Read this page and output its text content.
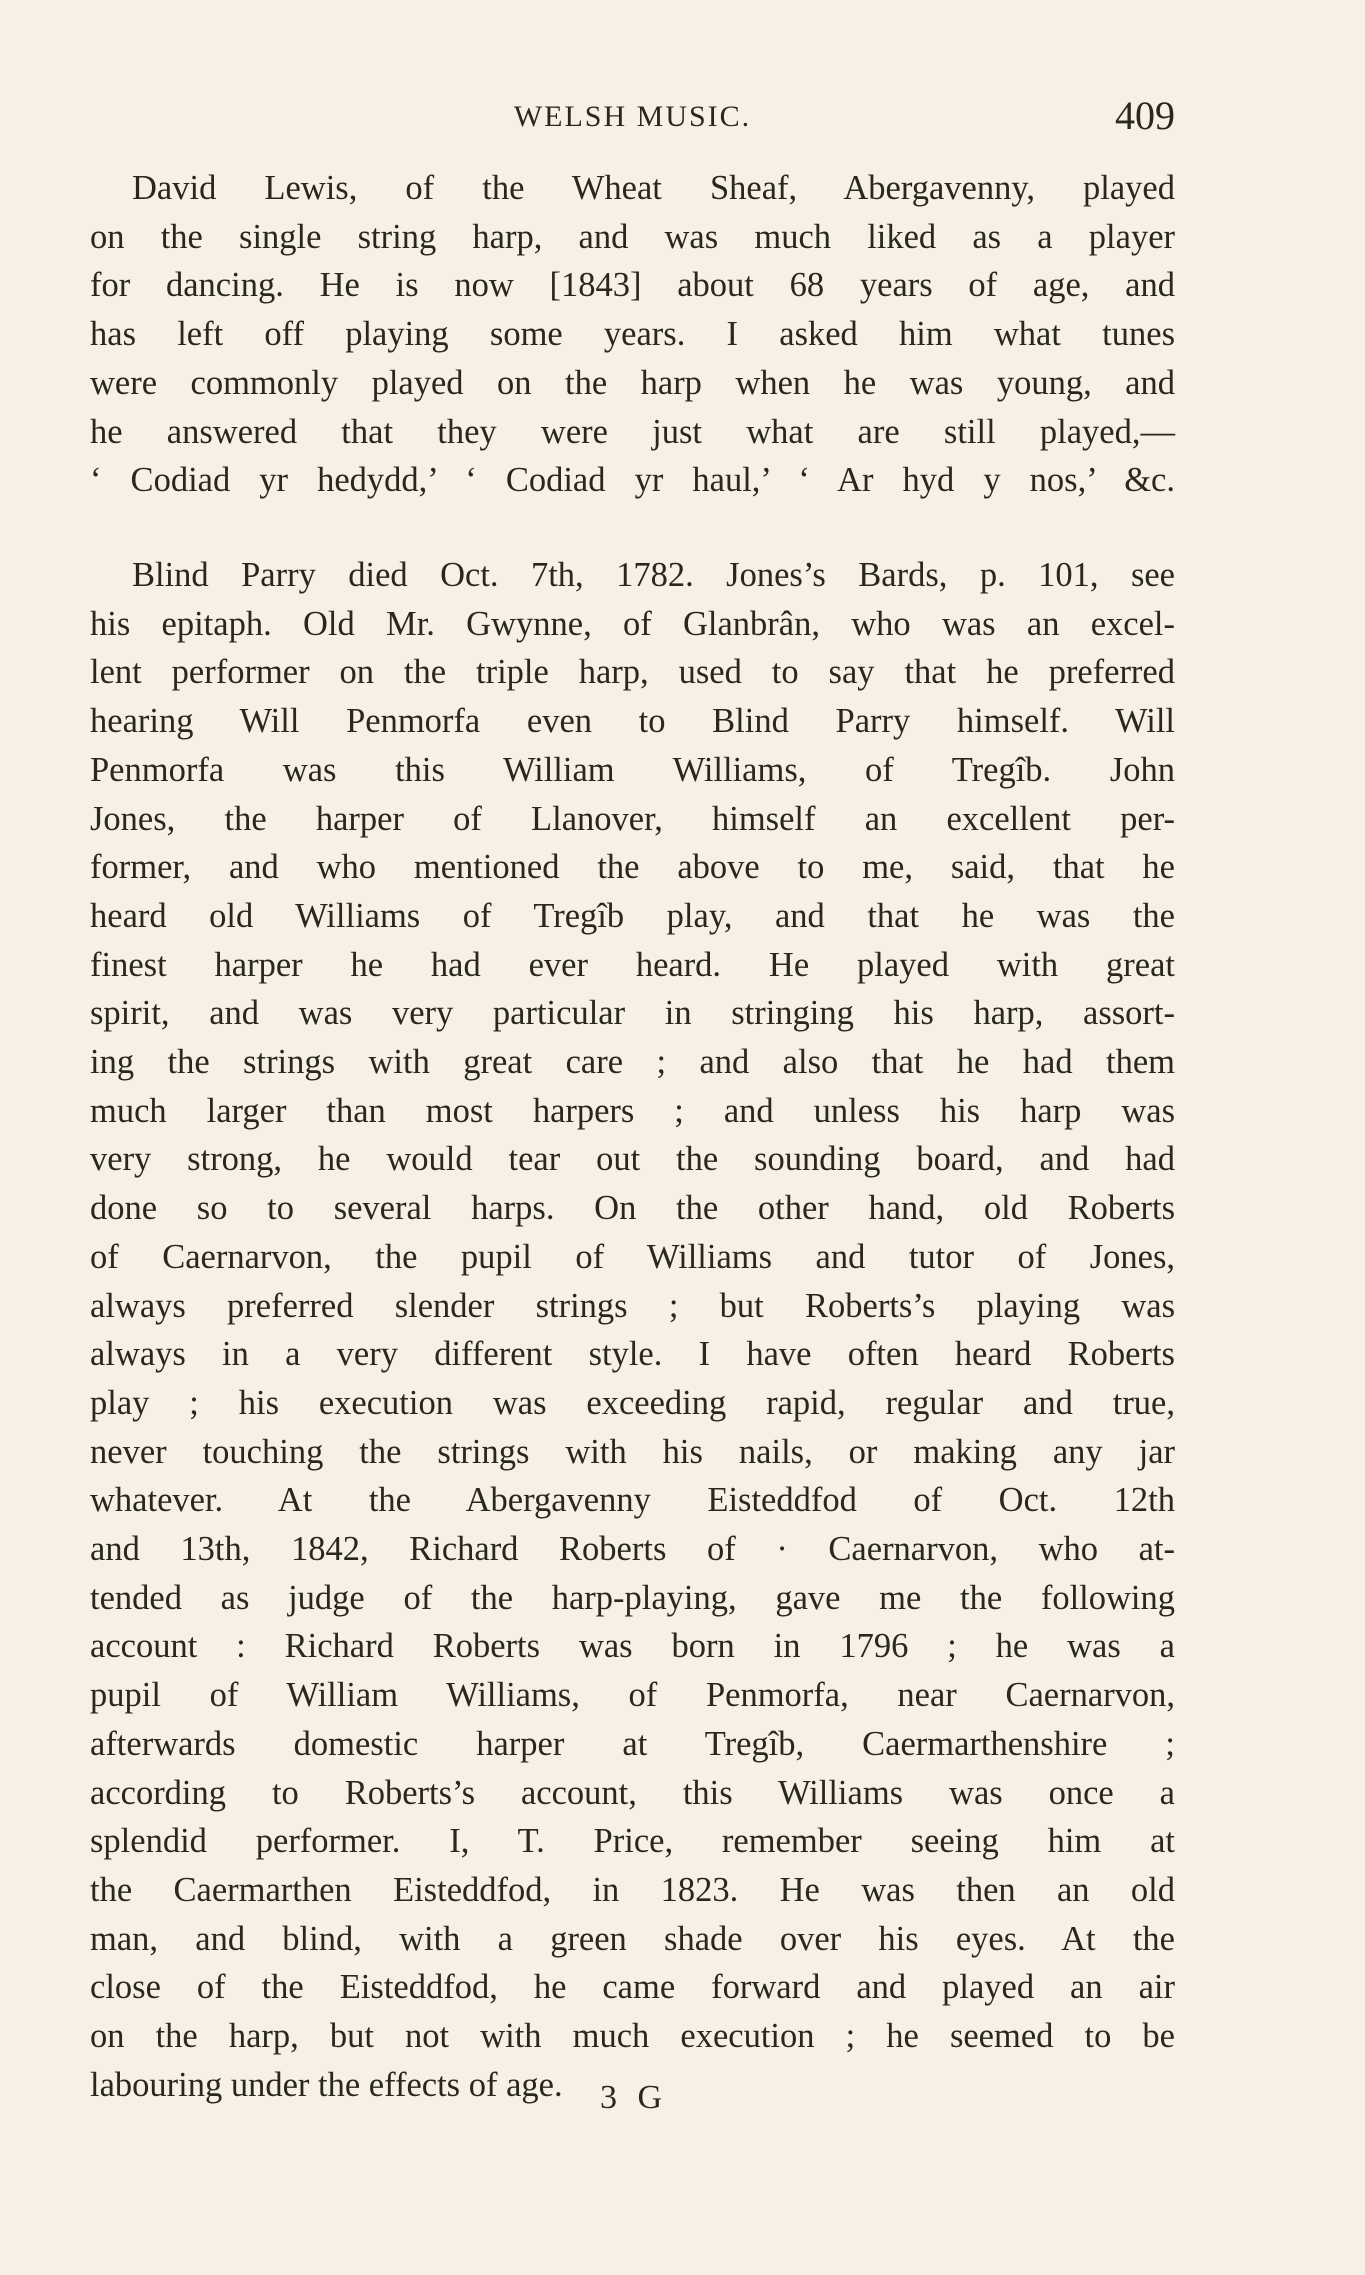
WELSH MUSIC.	409
David Lewis, of the Wheat Sheaf, Abergavenny, played
on the single string harp, and was much liked as a player
for dancing. He is now [1843] about 68 years of age, and
has left off playing some years. I asked him what tunes
were commonly played on the harp when he was young, and
he answered that they were just what are still played,—
‘ Codiad yr hedydd,’ ‘ Codiad yr haul,’ ‘ Ar hyd y nos,’ &c.
Blind Parry died Oct. 7th, 1782. Jones’s Bards, p. 101, see
his epitaph. Old Mr. Gwynne, of Glanbrân, who was an excel-
lent performer on the triple harp, used to say that he preferred
hearing Will Penmorfa even to Blind Parry himself. Will
Penmorfa was this William Williams, of Tregîb. John
Jones, the harper of Llanover, himself an excellent per-
former, and who mentioned the above to me, said, that he
heard old Williams of Tregîb play, and that he was the
finest harper he had ever heard. He played with great
spirit, and was very particular in stringing his harp, assort-
ing the strings with great care ; and also that he had them
much larger than most harpers ; and unless his harp was
very strong, he would tear out the sounding board, and had
done so to several harps. On the other hand, old Roberts
of Caernarvon, the pupil of Williams and tutor of Jones,
always preferred slender strings ; but Roberts’s playing was
always in a very different style. I have often heard Roberts
play ; his execution was exceeding rapid, regular and true,
never touching the strings with his nails, or making any jar
whatever. At the Abergavenny Eisteddfod of Oct. 12th
and 13th, 1842, Richard Roberts of · Caernarvon, who at-
tended as judge of the harp-playing, gave me the following
account : Richard Roberts was born in 1796 ; he was a
pupil of William Williams, of Penmorfa, near Caernarvon,
afterwards domestic harper at Tregîb, Caermarthenshire ;
according to Roberts’s account, this Williams was once a
splendid performer. I, T. Price, remember seeing him at
the Caermarthen Eisteddfod, in 1823. He was then an old
man, and blind, with a green shade over his eyes. At the
close of the Eisteddfod, he came forward and played an air
on the harp, but not with much execution ; he seemed to be
labouring under the effects of age.	3 G
